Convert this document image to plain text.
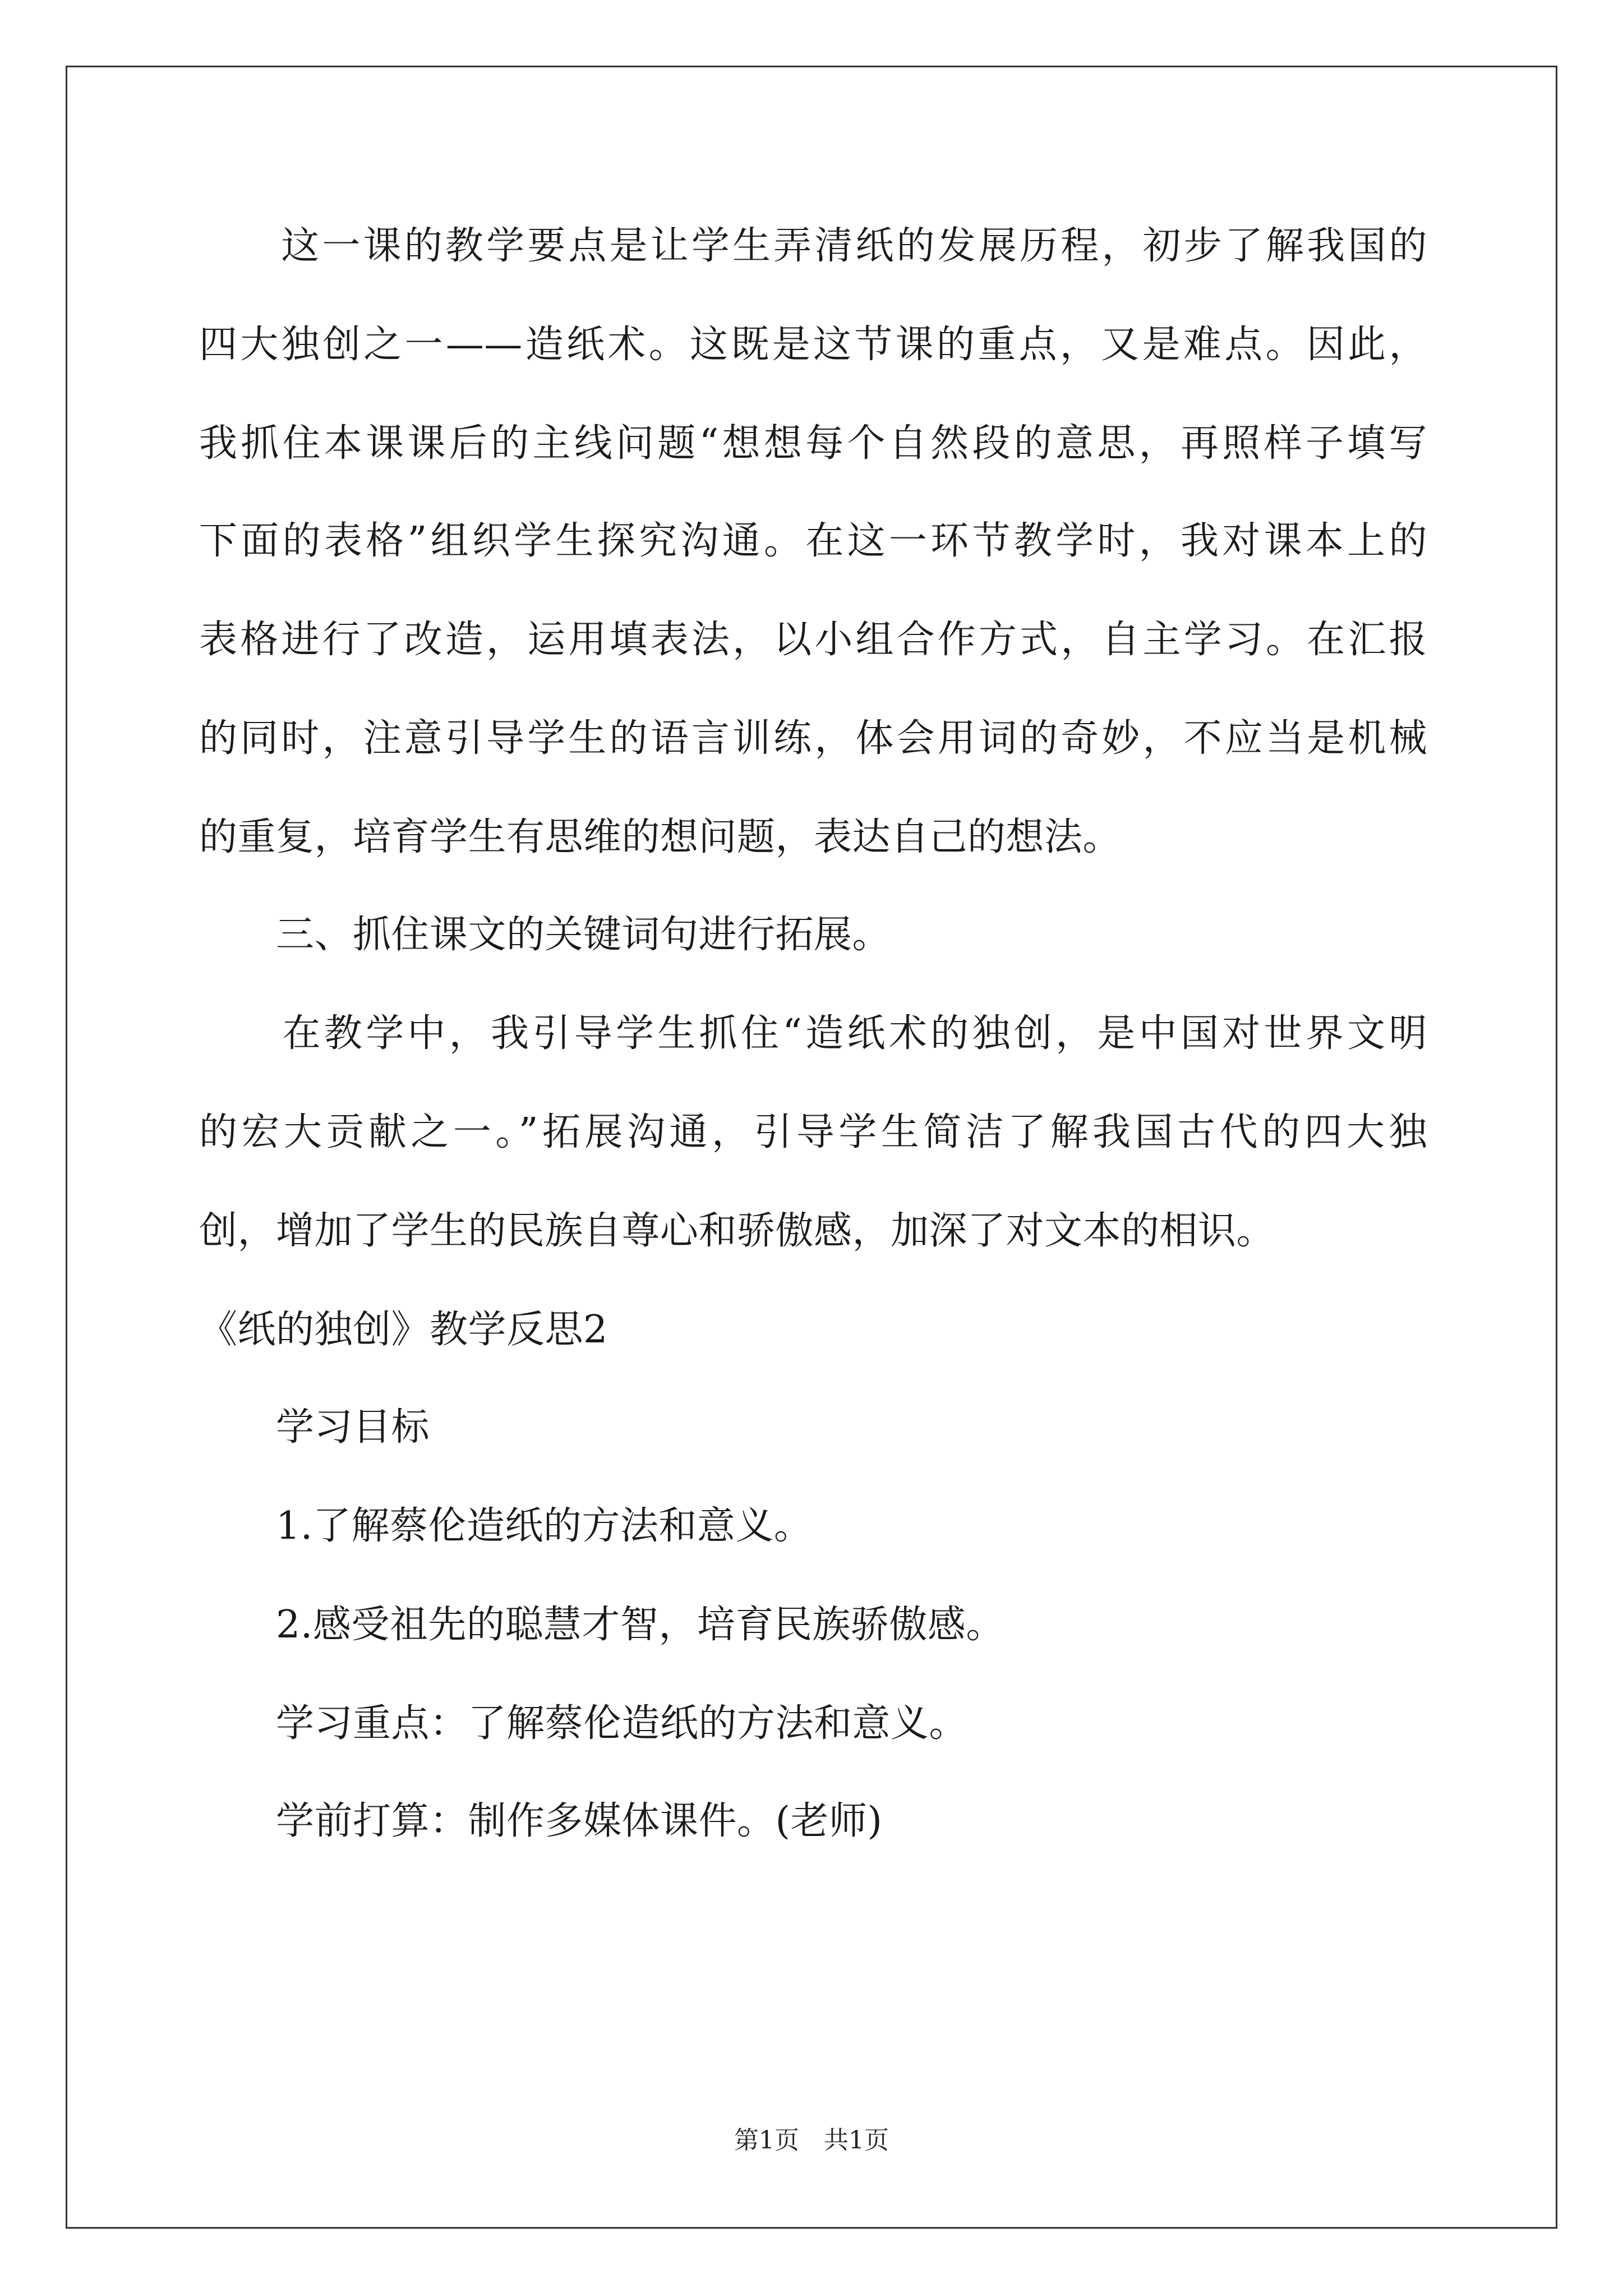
　　这一课的教学要点是让学生弄清纸的发展历程，初步了解我国的
四大独创之一——造纸术。这既是这节课的重点，又是难点。因此，
我抓住本课课后的主线问题“想想每个自然段的意思，再照样子填写
下面的表格”组织学生探究沟通。在这一环节教学时，我对课本上的
表格进行了改造，运用填表法，以小组合作方式，自主学习。在汇报
的同时，注意引导学生的语言训练，体会用词的奇妙，不应当是机械
的重复，培育学生有思维的想问题，表达自己的想法。
　　三、抓住课文的关键词句进行拓展。
　　在教学中，我引导学生抓住“造纸术的独创，是中国对世界文明
的宏大贡献之一。”拓展沟通，引导学生简洁了解我国古代的四大独
创，增加了学生的民族自尊心和骄傲感，加深了对文本的相识。
《纸的独创》教学反思2
　　学习目标
　　1.了解蔡伦造纸的方法和意义。
　　2.感受祖先的聪慧才智，培育民族骄傲感。
　　学习重点：了解蔡伦造纸的方法和意义。
　　学前打算：制作多媒体课件。(老师)
第1页　共1页
